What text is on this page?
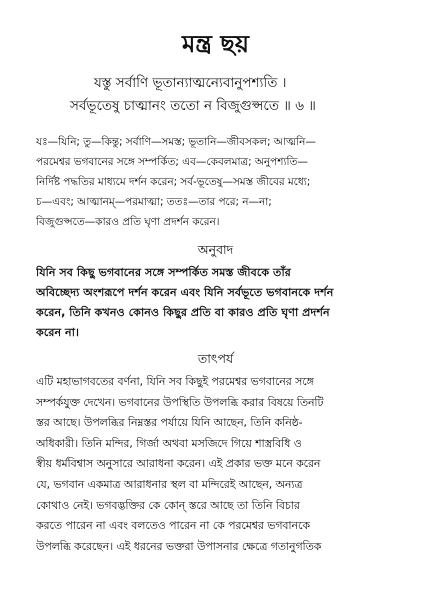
মন্ত্র ছয়
যস্তু সর্বাণি ভূতান্যাত্মন্যেবানুপশ্যতি ।
সর্বভূতেষু চাত্মানং ততো ন বিজুগুপ্সতে ॥ ৬ ॥
যঃ—যিনি; তু—কিন্তু; সর্বাণি—সমস্ত; ভূতানি—জীবসকল; আত্মনি—
পরমেশ্বর ভগবানের সঙ্গে সম্পর্কিত; এব—কেবলমাত্র; অনুপশ্যতি—
নির্দিষ্ট পদ্ধতির মাধ্যমে দর্শন করেন; সর্ব-ভূতেষু—সমস্ত জীবের মধ্যে;
চ—এবং; আত্মানম্—পরমাত্মা; ততঃ—তার পরে; ন—না;
বিজুগুপ্সতে—কারও প্রতি ঘৃণা প্রদর্শন করেন।
অনুবাদ
যিনি সব কিছু ভগবানের সঙ্গে সম্পর্কিত সমস্ত জীবকে তাঁর
অবিচ্ছেদ্য অংশরূপে দর্শন করেন এবং যিনি সর্বভূতে ভগবানকে দর্শন
করেন, তিনি কখনও কোনও কিছুর প্রতি বা কারও প্রতি ঘৃণা প্রদর্শন
করেন না।
তাৎপর্য
এটি মহাভাগবতের বর্ণনা, যিনি সব কিছুই পরমেশ্বর ভগবানের সঙ্গে
সম্পর্কযুক্ত দেখেন। ভগবানের উপস্থিতি উপলব্ধি করার বিষয়ে তিনটি
স্তর আছে। উপলব্ধির নিম্নস্তর পর্যায়ে যিনি আছেন, তিনি কনিষ্ঠ-
অধিকারী। তিনি মন্দির, গির্জা অথবা মসজিদে গিয়ে শাস্ত্রবিধি ও
স্বীয় ধর্মবিশ্বাস অনুসারে আরাধনা করেন। এই প্রকার ভক্ত মনে করেন
যে, ভগবান একমাত্র আরাধনার স্থল বা মন্দিরেই আছেন, অন্যত্র
কোথাও নেই। ভগবদ্ভক্তির কে কোন্ স্তরে আছে তা তিনি বিচার
করতে পারেন না এবং বলতেও পারেন না কে পরমেশ্বর ভগবানকে
উপলব্ধি করেছেন। এই ধরনের ভক্তরা উপাসনার ক্ষেত্রে গতানুগতিক
